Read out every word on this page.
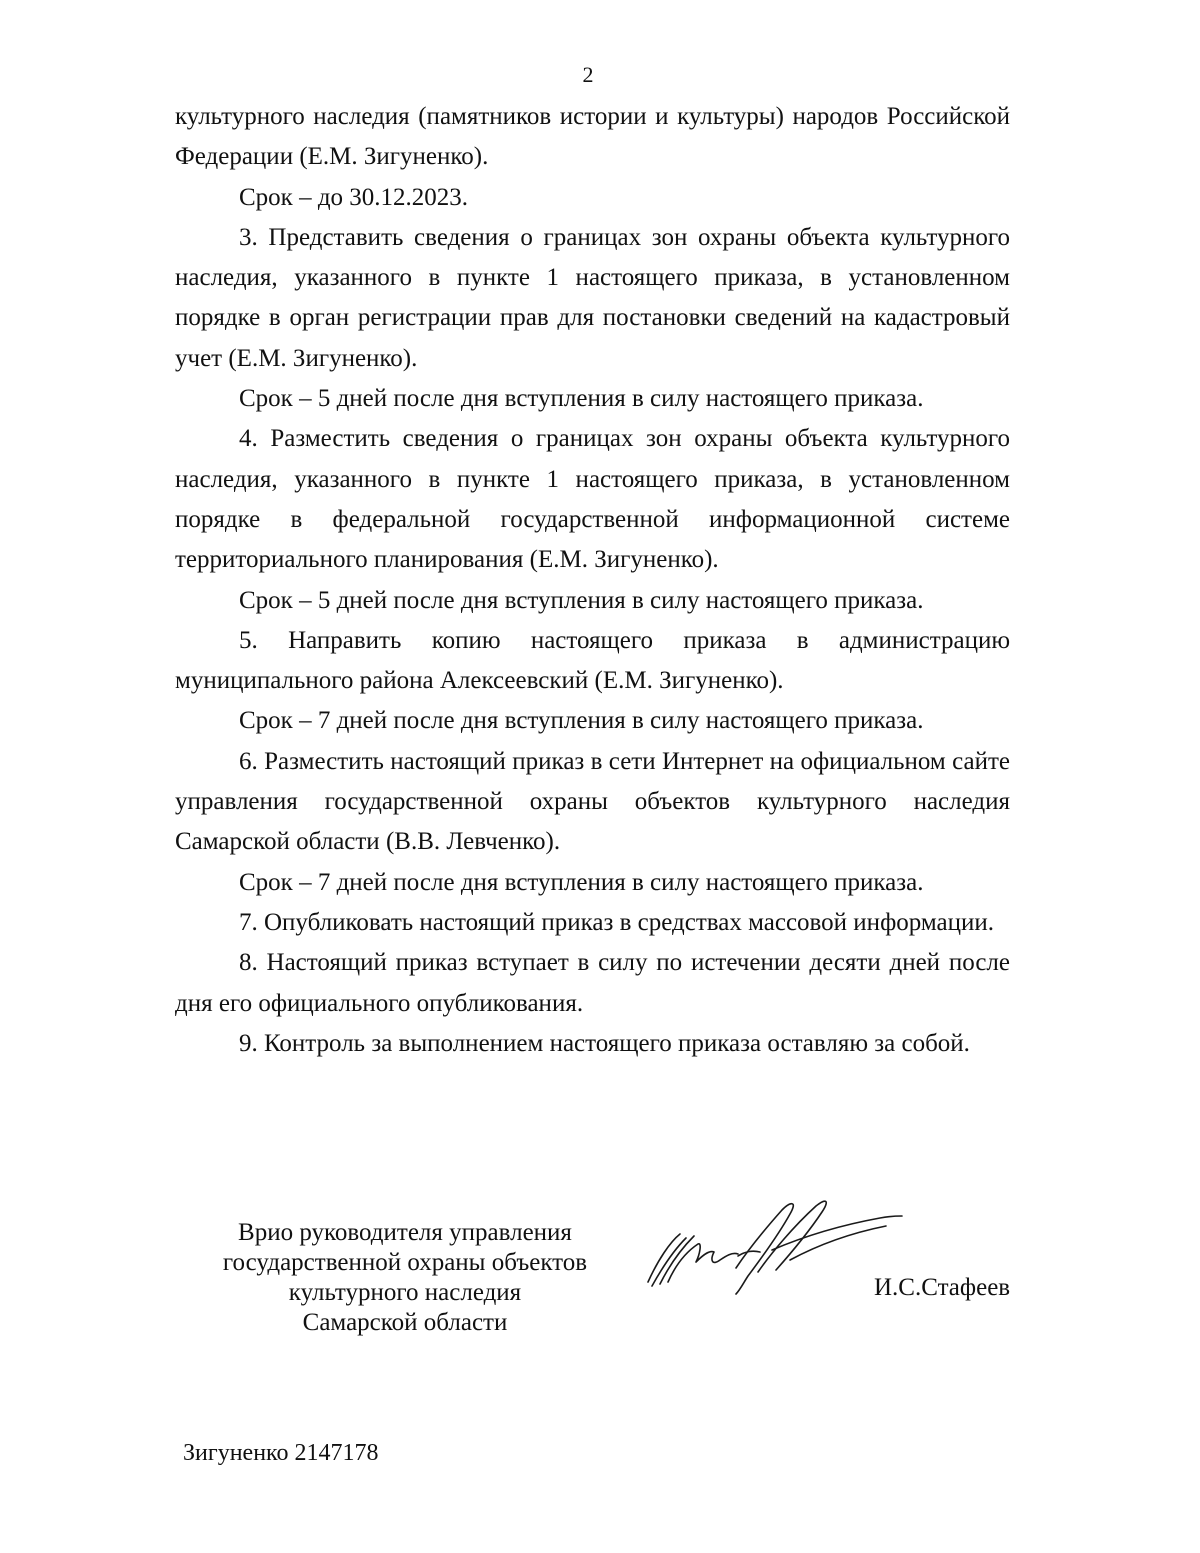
2

культурного наследия (памятников истории и культуры) народов Российской Федерации (Е.М. Зигуненко).

Срок – до 30.12.2023.

3. Представить сведения о границах зон охраны объекта культурного наследия, указанного в пункте 1 настоящего приказа, в установленном порядке в орган регистрации прав для постановки сведений на кадастровый учет (Е.М. Зигуненко).

Срок – 5 дней после дня вступления в силу настоящего приказа.

4. Разместить сведения о границах зон охраны объекта культурного наследия, указанного в пункте 1 настоящего приказа, в установленном порядке в федеральной государственной информационной системе территориального планирования (Е.М. Зигуненко).

Срок – 5 дней после дня вступления в силу настоящего приказа.

5. Направить копию настоящего приказа в администрацию муниципального района Алексеевский (Е.М. Зигуненко).

Срок – 7 дней после дня вступления в силу настоящего приказа.

6. Разместить настоящий приказ в сети Интернет на официальном сайте управления государственной охраны объектов культурного наследия Самарской области (В.В. Левченко).

Срок – 7 дней после дня вступления в силу настоящего приказа.

7. Опубликовать настоящий приказ в средствах массовой информации.

8. Настоящий приказ вступает в силу по истечении десяти дней после дня его официального опубликования.

9. Контроль за выполнением настоящего приказа оставляю за собой.

Врио руководителя управления
государственной охраны объектов
культурного наследия
Самарской области
И.С.Стафеев
Зигуненко 2147178
